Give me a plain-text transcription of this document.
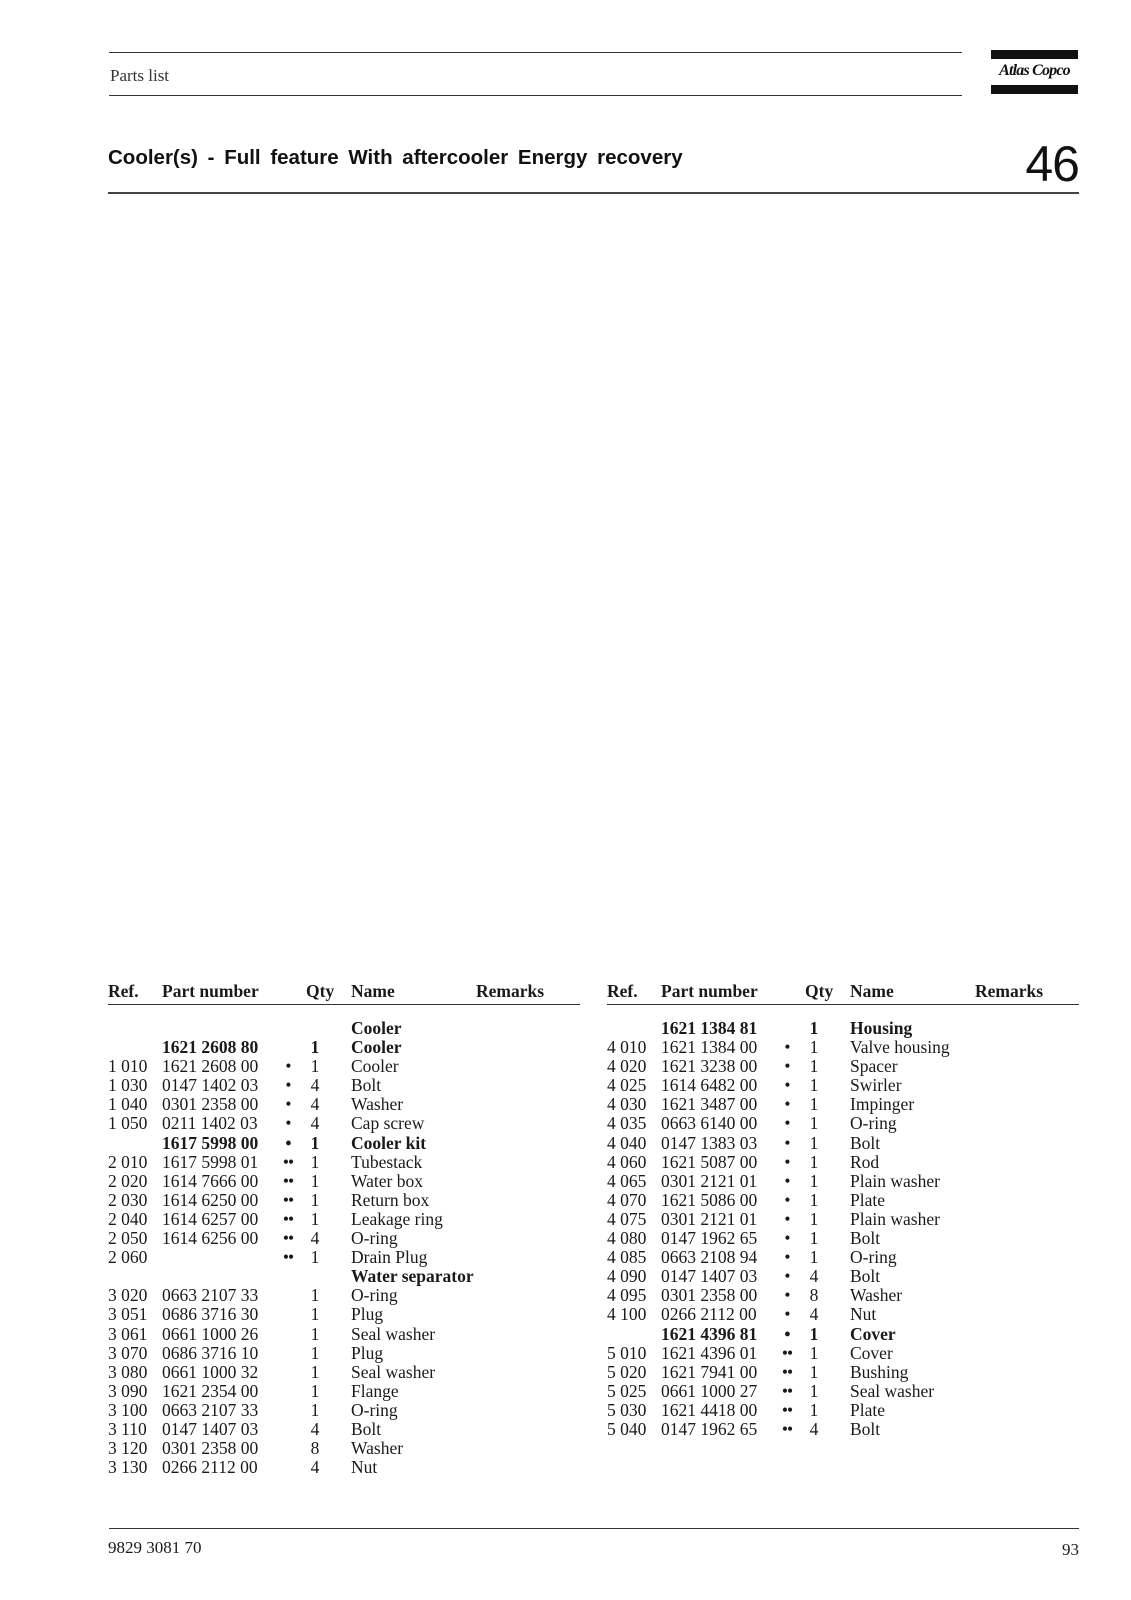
Parts list	Atlas Copco
Cooler(s) - Full feature With aftercooler Energy recovery	46
Ref. Part number	Qty Name	Remarks
Cooler
1621 2608 80	1 Cooler
1 010 1621 2608 00	•	1 Cooler
1 030 0147 1402 03	•	4 Bolt
1 040 0301 2358 00	•	4 Washer
1 050 0211 1402 03	•	4 Cap screw
1617 5998 00	•	1 Cooler kit
2 010 1617 5998 01	••	1 Tubestack
2 020 1614 7666 00	••	1 Water box
2 030 1614 6250 00	••	1 Return box
2 040 1614 6257 00	••	1 Leakage ring
2 050 1614 6256 00	••	4 O-ring
2 060	••	1 Drain Plug
Water separator
3 020 0663 2107 33	1 O-ring
3 051 0686 3716 30	1 Plug
3 061 0661 1000 26	1 Seal washer
3 070 0686 3716 10	1 Plug
3 080 0661 1000 32	1 Seal washer
3 090 1621 2354 00	1 Flange
3 100 0663 2107 33	1 O-ring
3 110 0147 1407 03	4 Bolt
3 120 0301 2358 00	8 Washer
3 130 0266 2112 00	4 Nut
Ref. Part number	Qty Name	Remarks
1621 1384 81	1 Housing
4 010 1621 1384 00	•	1 Valve housing
4 020 1621 3238 00	•	1 Spacer
4 025 1614 6482 00	•	1 Swirler
4 030 1621 3487 00	•	1 Impinger
4 035 0663 6140 00	•	1 O-ring
4 040 0147 1383 03	•	1 Bolt
4 060 1621 5087 00	•	1 Rod
4 065 0301 2121 01	•	1 Plain washer
4 070 1621 5086 00	•	1 Plate
4 075 0301 2121 01	•	1 Plain washer
4 080 0147 1962 65	•	1 Bolt
4 085 0663 2108 94	•	1 O-ring
4 090 0147 1407 03	•	4 Bolt
4 095 0301 2358 00	•	8 Washer
4 100 0266 2112 00	•	4 Nut
1621 4396 81	•	1 Cover
5 010 1621 4396 01	••	1 Cover
5 020 1621 7941 00	••	1 Bushing
5 025 0661 1000 27	••	1 Seal washer
5 030 1621 4418 00	••	1 Plate
5 040 0147 1962 65	••	4 Bolt
9829 3081 70	93
